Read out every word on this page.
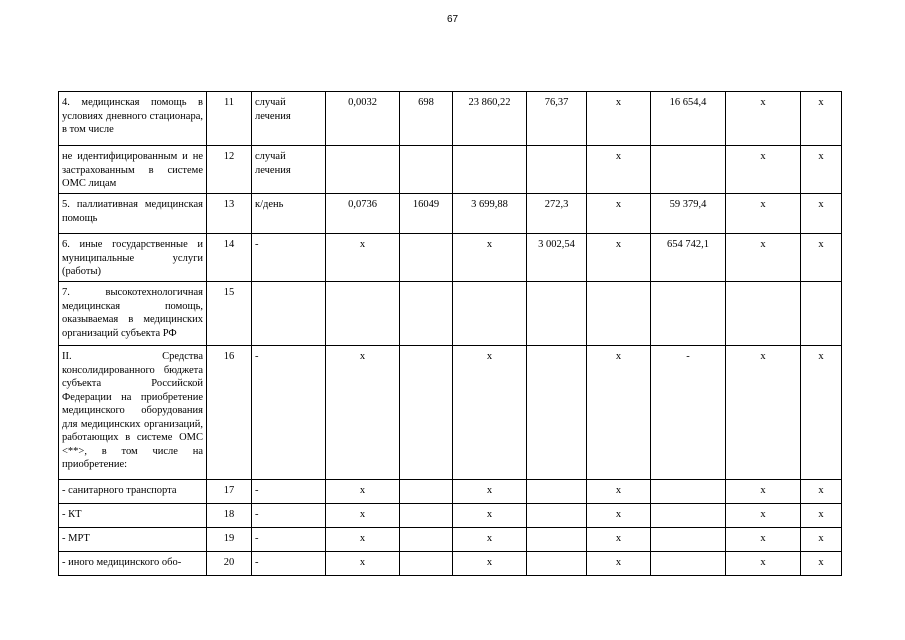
67
4. медицинская помощь в условиях дневного стационара, в том числе	11	случай лечения	0,0032	698	23 860,22	76,37	x	16 654,4	x	x
не идентифицированным и не застрахованным в системе ОМС лицам	12	случай лечения					x		x	x
5. паллиативная медицинская помощь	13	к/день	0,0736	16049	3 699,88	272,3	x	59 379,4	x	x
6. иные государственные и муниципальные услуги (работы)	14	-	x		x	3 002,54	x	654 742,1	x	x
7. высокотехнологичная медицинская помощь, оказываемая в медицинских организаций субъекта РФ	15									
II. Средства консолидированного бюджета субъекта Российской Федерации на приобретение медицинского оборудования для медицинских организаций, работающих в системе ОМС <**>, в том числе на приобретение:	16	-	x		x		x	-	x	x
- санитарного транспорта	17	-	x		x		x		x	x
- КТ	18	-	x		x		x		x	x
- МРТ	19	-	x		x		x		x	x
- иного медицинского обо-	20	-	x		x		x		x	x
